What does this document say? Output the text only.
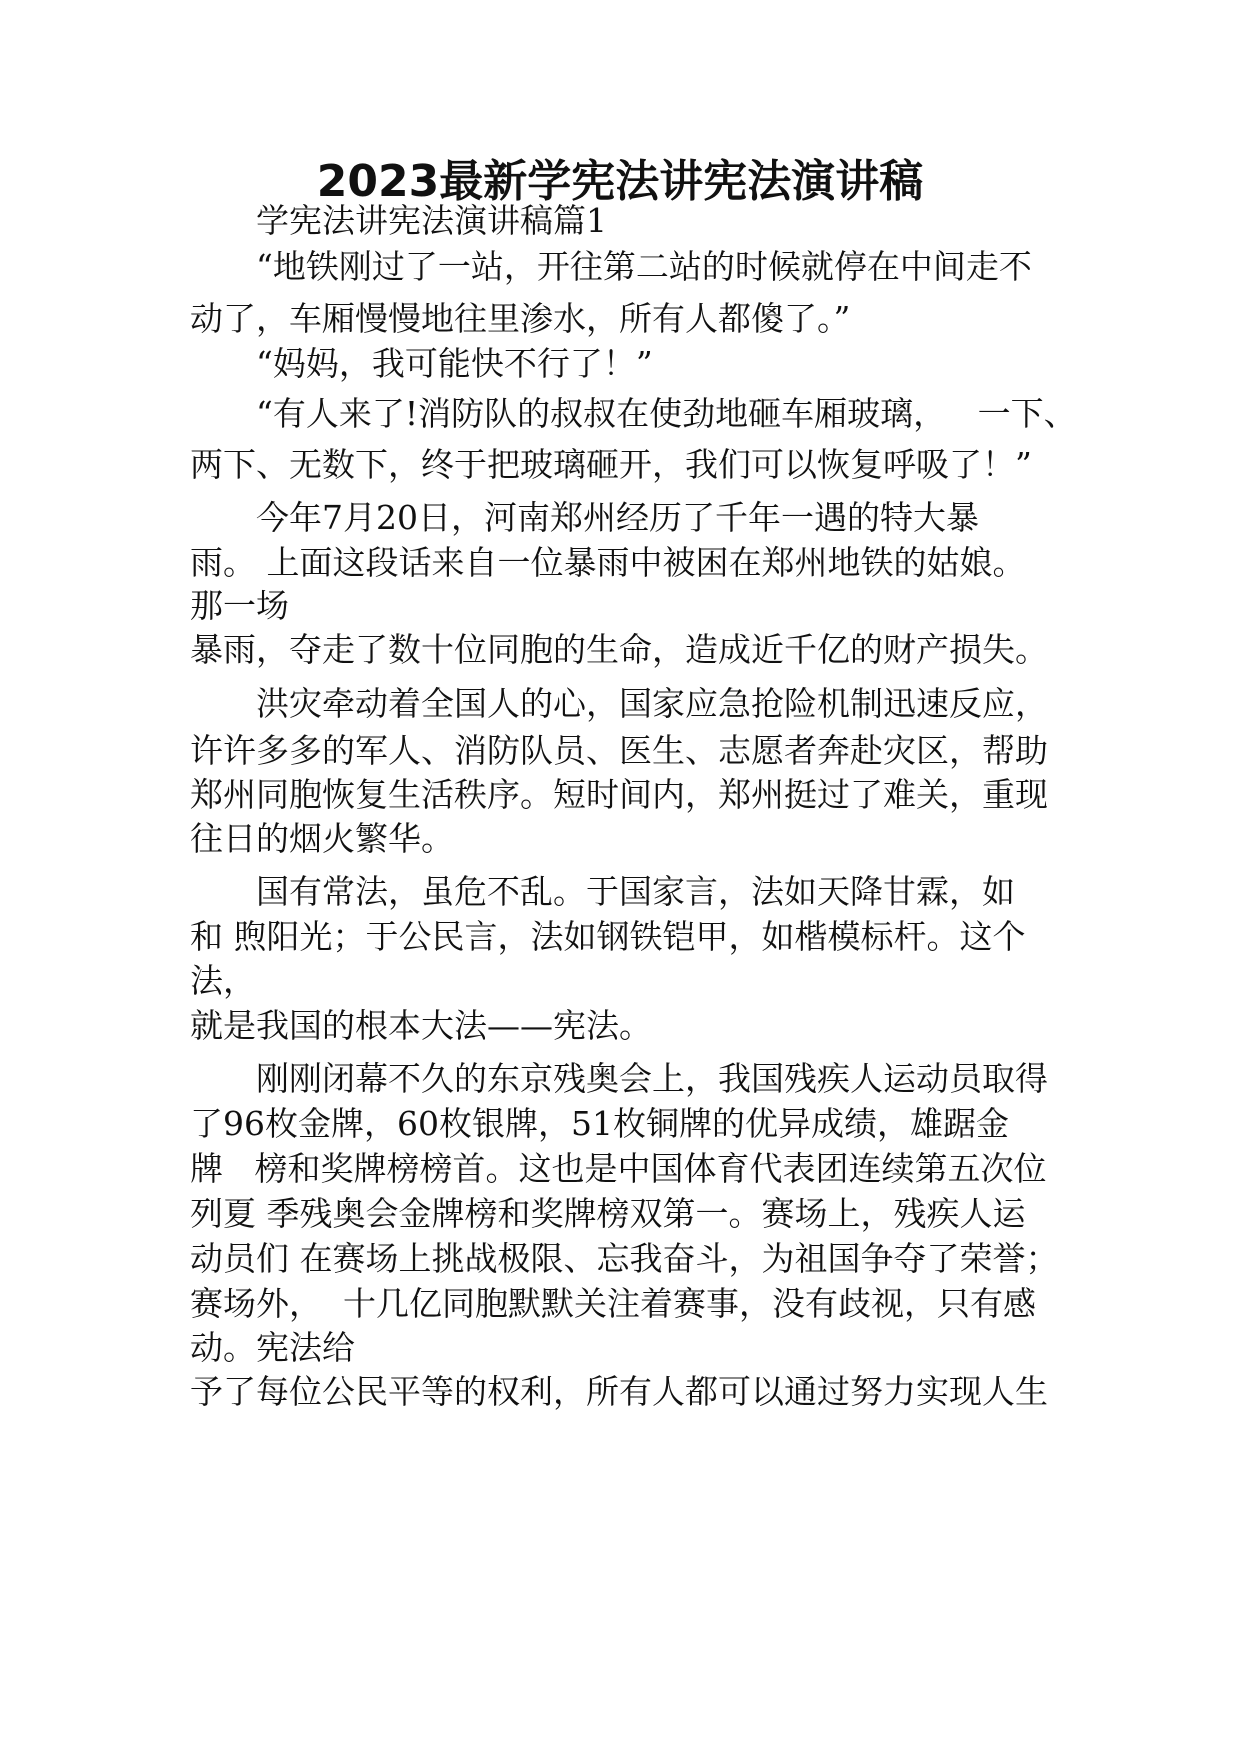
2023最新学宪法讲宪法演讲稿
学宪法讲宪法演讲稿篇1
“地铁刚过了一站，开往第二站的时候就停在中间走不
动了，车厢慢慢地往里渗水，所有人都傻了。”
“妈妈，我可能快不行了！”
“有人来了!消防队的叔叔在使劲地砸车厢玻璃，   一下、
两下、无数下，终于把玻璃砸开，我们可以恢复呼吸了！”
今年7月20日，河南郑州经历了千年一遇的特大暴
雨。 上面这段话来自一位暴雨中被困在郑州地铁的姑娘。
那一场
暴雨，夺走了数十位同胞的生命，造成近千亿的财产损失。
洪灾牵动着全国人的心，国家应急抢险机制迅速反应，
许许多多的军人、消防队员、医生、志愿者奔赴灾区，帮助
郑州同胞恢复生活秩序。短时间内，郑州挺过了难关，重现
往日的烟火繁华。
国有常法，虽危不乱。于国家言，法如天降甘霖，如
和 煦阳光；于公民言，法如钢铁铠甲，如楷模标杆。这个
法，
就是我国的根本大法——宪法。
刚刚闭幕不久的东京残奥会上，我国残疾人运动员取得
了96枚金牌，60枚银牌，51枚铜牌的优异成绩，雄踞金
牌   榜和奖牌榜榜首。这也是中国体育代表团连续第五次位
列夏 季残奥会金牌榜和奖牌榜双第一。赛场上，残疾人运
动员们 在赛场上挑战极限、忘我奋斗，为祖国争夺了荣誉；
赛场外，  十几亿同胞默默关注着赛事，没有歧视，只有感
动。宪法给
予了每位公民平等的权利，所有人都可以通过努力实现人生
